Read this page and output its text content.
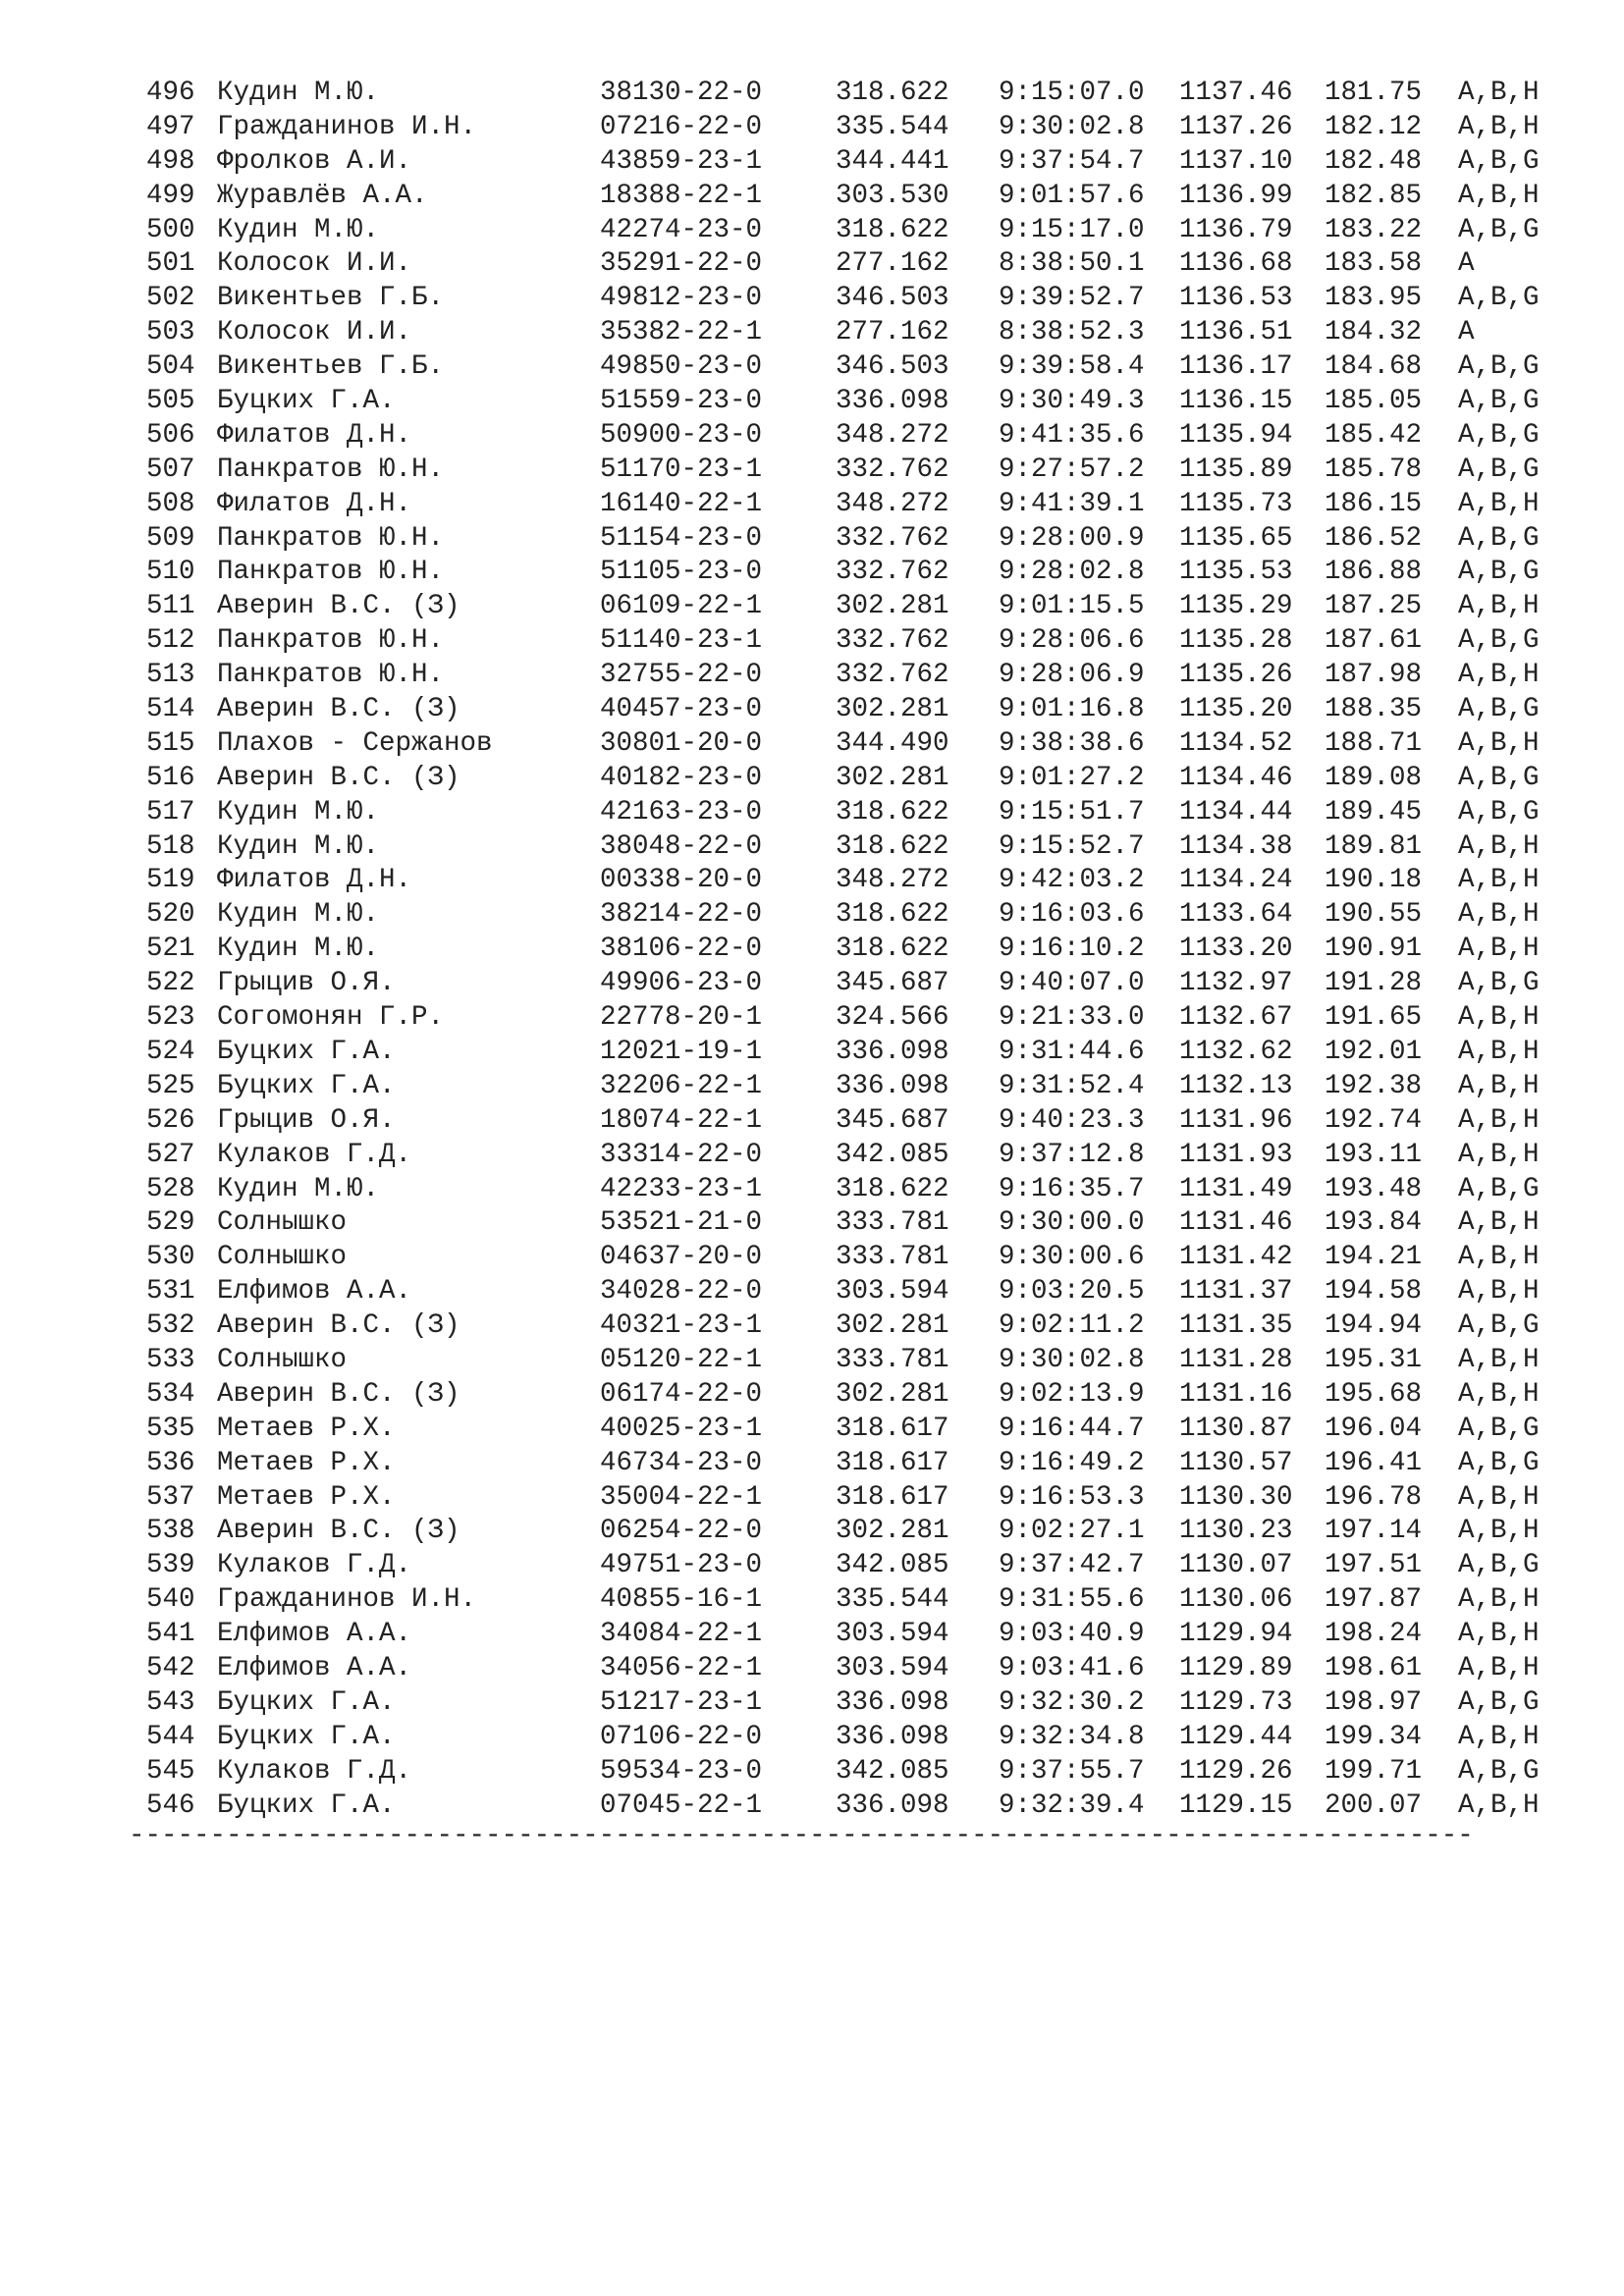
496 Кудин М.Ю.	38130-22-0	318.622 9:15:07.0 1137.46 181.75 A,B,H
497 Гражданинов И.Н.	07216-22-0	335.544 9:30:02.8 1137.26 182.12 A,B,H
498 Фролков А.И.	43859-23-1	344.441 9:37:54.7 1137.10 182.48 A,B,G
499 Журавлёв А.А.	18388-22-1	303.530 9:01:57.6 1136.99 182.85 A,B,H
500 Кудин М.Ю.	42274-23-0	318.622 9:15:17.0 1136.79 183.22 A,B,G
501 Колосок И.И.	35291-22-0	277.162 8:38:50.1 1136.68 183.58 A
502 Викентьев Г.Б.	49812-23-0	346.503 9:39:52.7 1136.53 183.95 A,B,G
503 Колосок И.И.	35382-22-1	277.162 8:38:52.3 1136.51 184.32 A
504 Викентьев Г.Б.	49850-23-0	346.503 9:39:58.4 1136.17 184.68 A,B,G
505 Буцких Г.А.	51559-23-0	336.098 9:30:49.3 1136.15 185.05 A,B,G
506 Филатов Д.Н.	50900-23-0	348.272 9:41:35.6 1135.94 185.42 A,B,G
507 Панкратов Ю.Н.	51170-23-1	332.762 9:27:57.2 1135.89 185.78 A,B,G
508 Филатов Д.Н.	16140-22-1	348.272 9:41:39.1 1135.73 186.15 A,B,H
509 Панкратов Ю.Н.	51154-23-0	332.762 9:28:00.9 1135.65 186.52 A,B,G
510 Панкратов Ю.Н.	51105-23-0	332.762 9:28:02.8 1135.53 186.88 A,B,G
511 Аверин В.С. (З)	06109-22-1	302.281 9:01:15.5 1135.29 187.25 A,B,H
512 Панкратов Ю.Н.	51140-23-1	332.762 9:28:06.6 1135.28 187.61 A,B,G
513 Панкратов Ю.Н.	32755-22-0	332.762 9:28:06.9 1135.26 187.98 A,B,H
514 Аверин В.С. (З)	40457-23-0	302.281 9:01:16.8 1135.20 188.35 A,B,G
515 Плахов - Сержанов	30801-20-0	344.490 9:38:38.6 1134.52 188.71 A,B,H
516 Аверин В.С. (З)	40182-23-0	302.281 9:01:27.2 1134.46 189.08 A,B,G
517 Кудин М.Ю.	42163-23-0	318.622 9:15:51.7 1134.44 189.45 A,B,G
518 Кудин М.Ю.	38048-22-0	318.622 9:15:52.7 1134.38 189.81 A,B,H
519 Филатов Д.Н.	00338-20-0	348.272 9:42:03.2 1134.24 190.18 A,B,H
520 Кудин М.Ю.	38214-22-0	318.622 9:16:03.6 1133.64 190.55 A,B,H
521 Кудин М.Ю.	38106-22-0	318.622 9:16:10.2 1133.20 190.91 A,B,H
522 Грыцив О.Я.	49906-23-0	345.687 9:40:07.0 1132.97 191.28 A,B,G
523 Согомонян Г.Р.	22778-20-1	324.566 9:21:33.0 1132.67 191.65 A,B,H
524 Буцких Г.А.	12021-19-1	336.098 9:31:44.6 1132.62 192.01 A,B,H
525 Буцких Г.А.	32206-22-1	336.098 9:31:52.4 1132.13 192.38 A,B,H
526 Грыцив О.Я.	18074-22-1	345.687 9:40:23.3 1131.96 192.74 A,B,H
527 Кулаков Г.Д.	33314-22-0	342.085 9:37:12.8 1131.93 193.11 A,B,H
528 Кудин М.Ю.	42233-23-1	318.622 9:16:35.7 1131.49 193.48 A,B,G
529 Солнышко	53521-21-0	333.781 9:30:00.0 1131.46 193.84 A,B,H
530 Солнышко	04637-20-0	333.781 9:30:00.6 1131.42 194.21 A,B,H
531 Елфимов А.А.	34028-22-0	303.594 9:03:20.5 1131.37 194.58 A,B,H
532 Аверин В.С. (З)	40321-23-1	302.281 9:02:11.2 1131.35 194.94 A,B,G
533 Солнышко	05120-22-1	333.781 9:30:02.8 1131.28 195.31 A,B,H
534 Аверин В.С. (З)	06174-22-0	302.281 9:02:13.9 1131.16 195.68 A,B,H
535 Метаев Р.Х.	40025-23-1	318.617 9:16:44.7 1130.87 196.04 A,B,G
536 Метаев Р.Х.	46734-23-0	318.617 9:16:49.2 1130.57 196.41 A,B,G
537 Метаев Р.Х.	35004-22-1	318.617 9:16:53.3 1130.30 196.78 A,B,H
538 Аверин В.С. (З)	06254-22-0	302.281 9:02:27.1 1130.23 197.14 A,B,H
539 Кулаков Г.Д.	49751-23-0	342.085 9:37:42.7 1130.07 197.51 A,B,G
540 Гражданинов И.Н.	40855-16-1	335.544 9:31:55.6 1130.06 197.87 A,B,H
541 Елфимов А.А.	34084-22-1	303.594 9:03:40.9 1129.94 198.24 A,B,H
542 Елфимов А.А.	34056-22-1	303.594 9:03:41.6 1129.89 198.61 A,B,H
543 Буцких Г.А.	51217-23-1	336.098 9:32:30.2 1129.73 198.97 A,B,G
544 Буцких Г.А.	07106-22-0	336.098 9:32:34.8 1129.44 199.34 A,B,H
545 Кулаков Г.Д.	59534-23-0	342.085 9:37:55.7 1129.26 199.71 A,B,G
546 Буцких Г.А.	07045-22-1	336.098 9:32:39.4 1129.15 200.07 A,B,H
-----------------------------------------------------------------------------------
